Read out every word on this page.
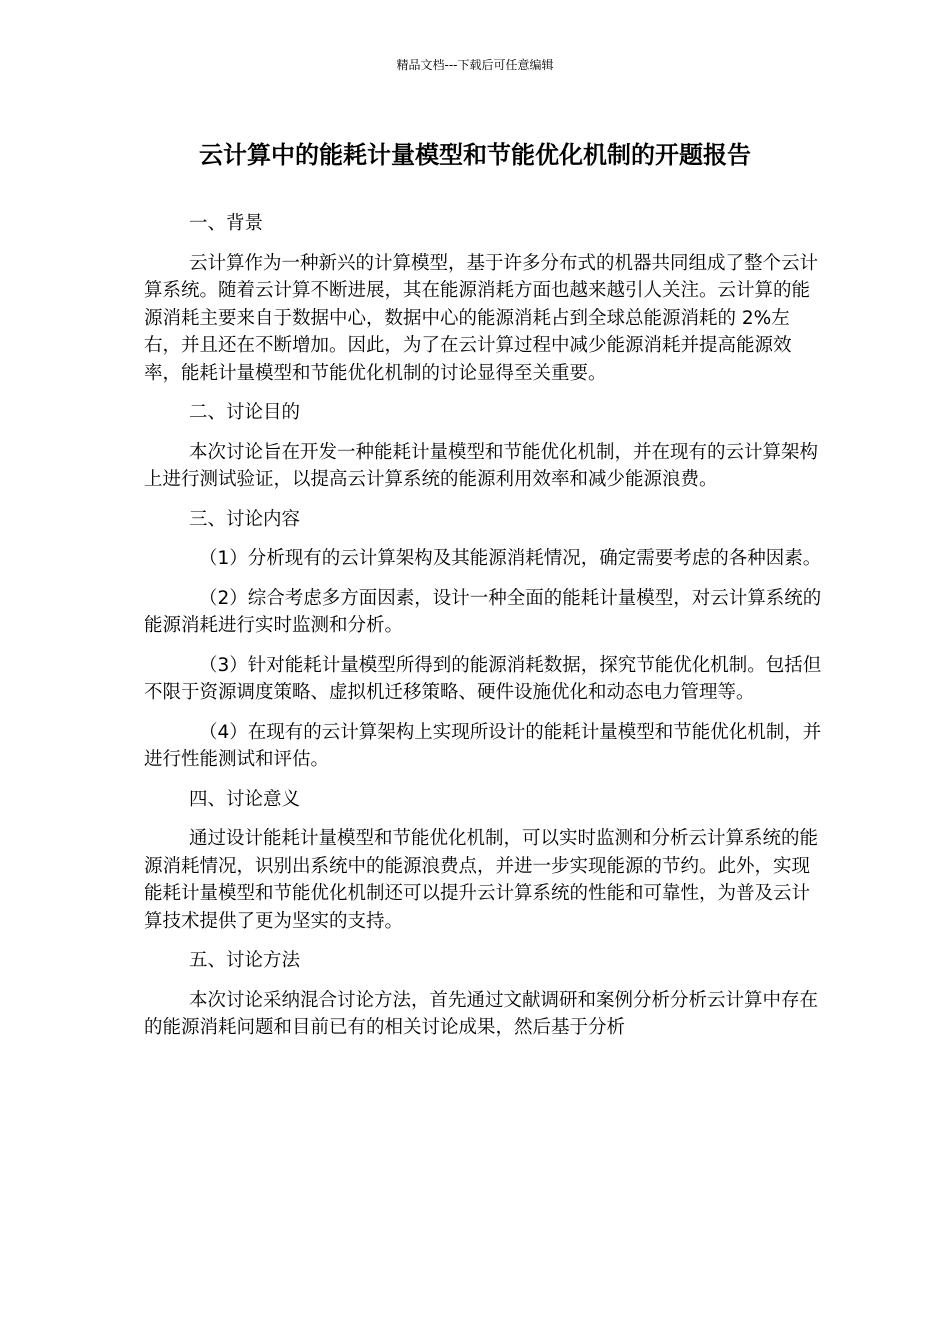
精品文档---下载后可任意编辑
云计算中的能耗计量模型和节能优化机制的开题报告

一、背景

云计算作为一种新兴的计算模型，基于许多分布式的机器共同组成了整个云计算系统。随着云计算不断进展，其在能源消耗方面也越来越引人关注。云计算的能源消耗主要来自于数据中心，数据中心的能源消耗占到全球总能源消耗的 2%左右，并且还在不断增加。因此，为了在云计算过程中减少能源消耗并提高能源效率，能耗计量模型和节能优化机制的讨论显得至关重要。

二、讨论目的

本次讨论旨在开发一种能耗计量模型和节能优化机制，并在现有的云计算架构上进行测试验证，以提高云计算系统的能源利用效率和减少能源浪费。

三、讨论内容

（1）分析现有的云计算架构及其能源消耗情况，确定需要考虑的各种因素。

（2）综合考虑多方面因素，设计一种全面的能耗计量模型，对云计算系统的能源消耗进行实时监测和分析。

（3）针对能耗计量模型所得到的能源消耗数据，探究节能优化机制。包括但不限于资源调度策略、虚拟机迁移策略、硬件设施优化和动态电力管理等。

（4）在现有的云计算架构上实现所设计的能耗计量模型和节能优化机制，并进行性能测试和评估。

四、讨论意义

通过设计能耗计量模型和节能优化机制，可以实时监测和分析云计算系统的能源消耗情况，识别出系统中的能源浪费点，并进一步实现能源的节约。此外，实现能耗计量模型和节能优化机制还可以提升云计算系统的性能和可靠性，为普及云计算技术提供了更为坚实的支持。

五、讨论方法

本次讨论采纳混合讨论方法，首先通过文献调研和案例分析分析云计算中存在的能源消耗问题和目前已有的相关讨论成果，然后基于分析
